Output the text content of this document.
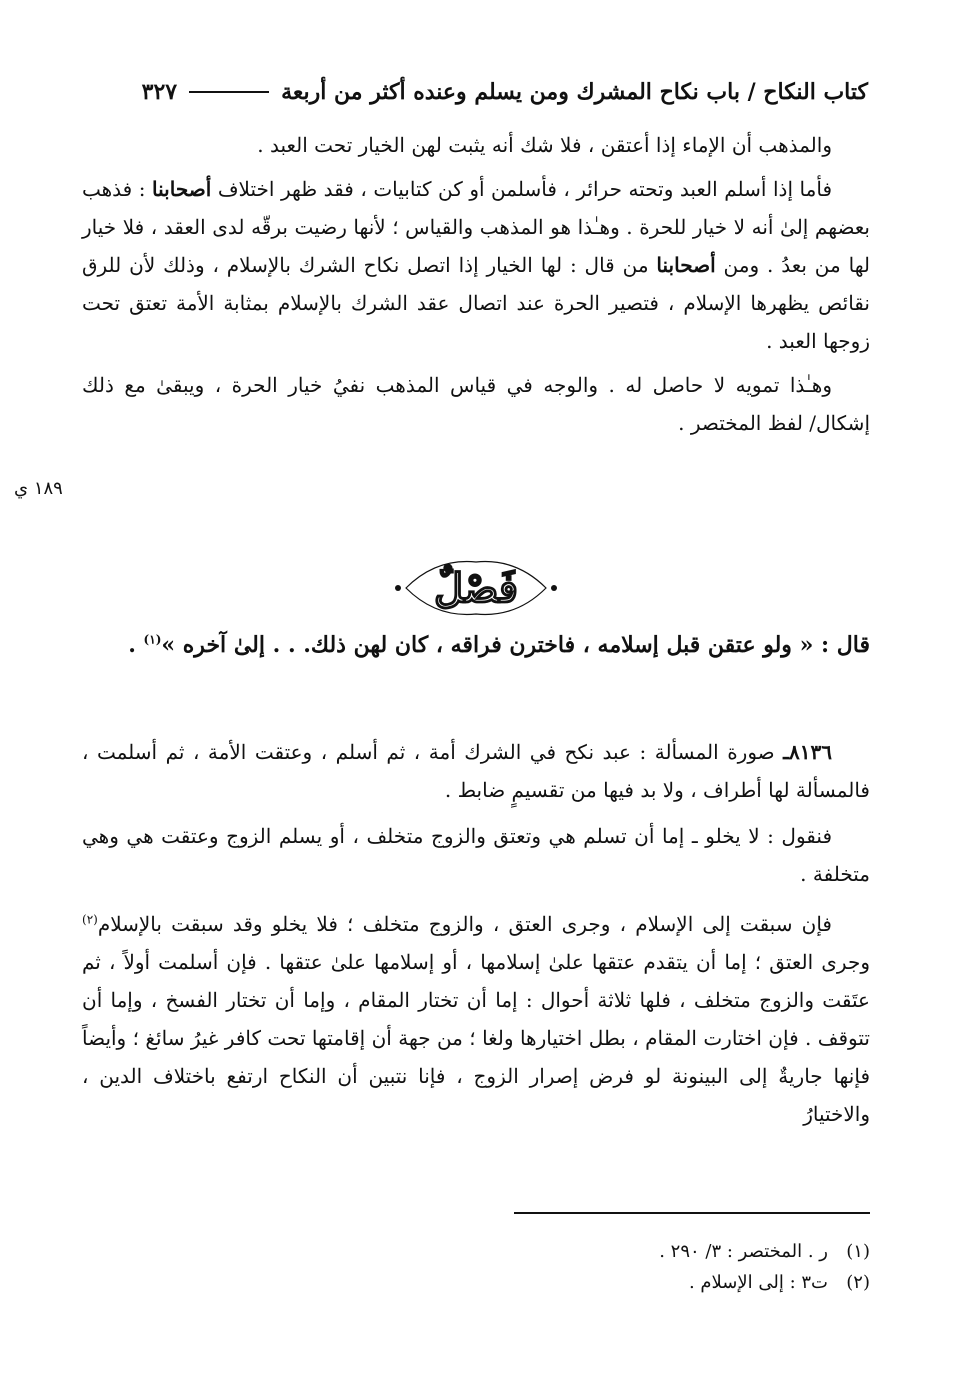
كتاب النكاح / باب نكاح المشرك ومن يسلم وعنده أكثر من أربعة
٣٢٧

والمذهب أن الإماء إذا أعتقن ، فلا شك أنه يثبت لهن الخيار تحت العبد .

فأما إذا أسلم العبد وتحته حرائر ، فأسلمن أو كن كتابيات ، فقد ظهر اختلاف أصحابنا : فذهب بعضهم إلىٰ أنه لا خيار للحرة . وهـٰذا هو المذهب والقياس ؛ لأنها رضيت برقّه لدى العقد ، فلا خيار لها من بعدُ . ومن أصحابنا من قال : لها الخيار إذا اتصل نكاح الشرك بالإسلام ، وذلك لأن للرق نقائص يظهرها الإسلام ، فتصير الحرة عند اتصال عقد الشرك بالإسلام بمثابة الأمة تعتق تحت زوجها العبد .

وهـٰذا تمويه لا حاصل له . والوجه في قياس المذهب نفيُ خيار الحرة ، ويبقىٰ مع ذلك إشكال/ لفظ المختصر .

١٨٩ ي
فَصْلٌ

قال : « ولو عتقن قبل إسلامه ، فاخترن فراقه ، كان لهن ذلك. . . إلىٰ آخره »$^{(١)}$ .

٨١٣٦ـ صورة المسألة : عبد نكح في الشرك أمة ، ثم أسلم ، وعتقت الأمة ، ثم أسلمت ، فالمسألة لها أطراف ، ولا بد فيها من تقسيمٍ ضابط .

فنقول : لا يخلو ـ إما أن تسلم هي وتعتق والزوج متخلف ، أو يسلم الزوج وعتقت هي وهي متخلفة .

فإن سبقت إلى الإسلام ، وجرى العتق ، والزوج متخلف ؛ فلا يخلو وقد سبقت بالإسلام$^{(٢)}$ وجرى العتق ؛ إما أن يتقدم عتقها علىٰ إسلامها ، أو إسلامها علىٰ عتقها . فإن أسلمت أولاً ، ثم عتَقت والزوج متخلف ، فلها ثلاثة أحوال : إما أن تختار المقام ، وإما أن تختار الفسخ ، وإما أن تتوقف . فإن اختارت المقام ، بطل اختيارها ولغا ؛ من جهة أن إقامتها تحت كافر غيرُ سائغ ؛ وأيضاً فإنها جاريةٌ إلى البينونة لو فرض إصرار الزوج ، فإنا نتبين أن النكاح ارتفع باختلاف الدين ، والاختيارُ

(١)
ر . المختصر : ٣/ ٢٩٠ .
(٢)
ت٣ : إلى الإسلام .
